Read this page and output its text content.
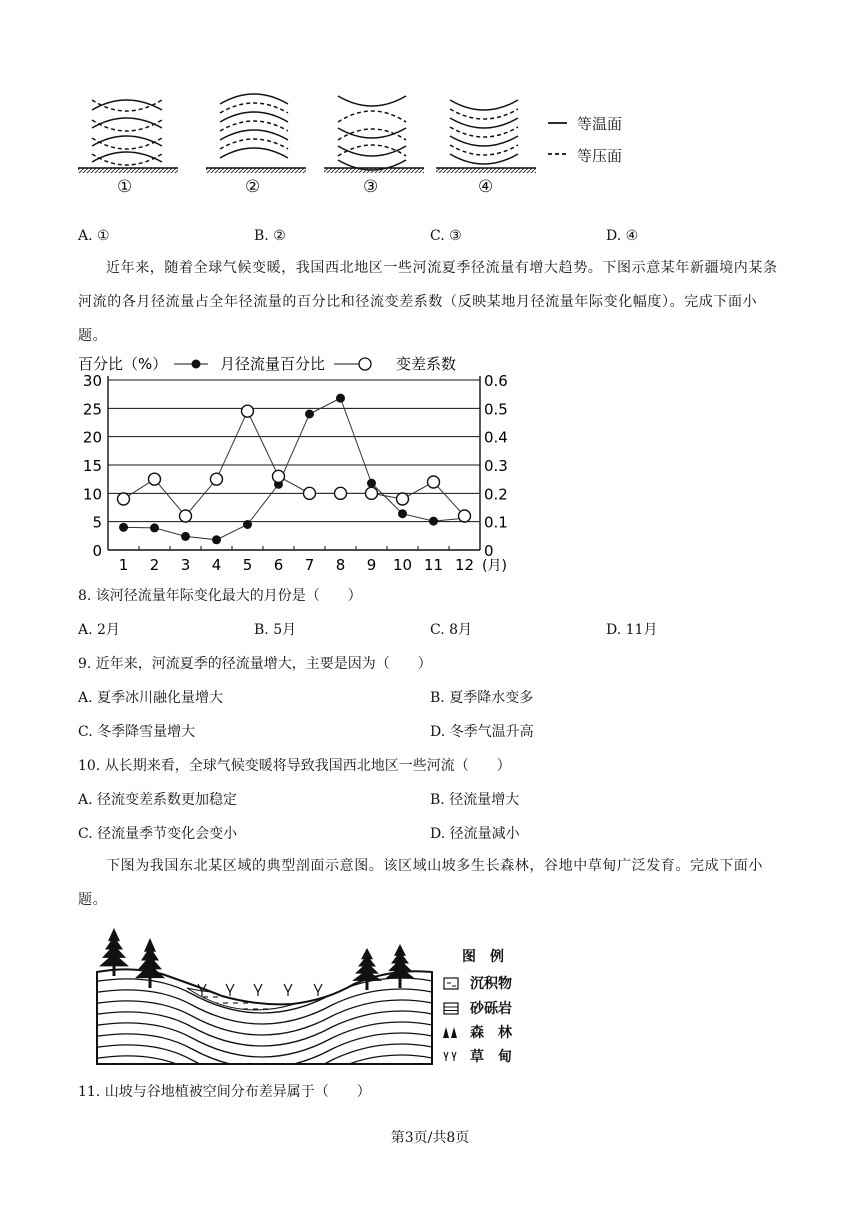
等温面
等压面
①	②	③	④
A. ①	B. ②	C. ③	D. ④
近年来，随着全球气候变暖，我国西北地区一些河流夏季径流量有增大趋势。下图示意某年新疆境内某条河流的各月径流量占全年径流量的百分比和径流变差系数（反映某地月径流量年际变化幅度）。完成下面小题。
百分比（%）	月径流量百分比	变差系数
0
5
10
15
20
25
30
0
0.1
0.2
0.3
0.4
0.5
0.6
1 2 3 4 5 6 7 8 9 10 11 12 (月)
8. 该河径流量年际变化最大的月份是（　　）
A. 2月	B. 5月	C. 8月	D. 11月
9. 近年来，河流夏季的径流量增大，主要是因为（　　）
A. 夏季冰川融化量增大	B. 夏季降水变多
C. 冬季降雪量增大	D. 冬季气温升高
10. 从长期来看，全球气候变暖将导致我国西北地区一些河流（　　）
A. 径流变差系数更加稳定	B. 径流量增大
C. 径流量季节变化会变小	D. 径流量减小
下图为我国东北某区域的典型剖面示意图。该区域山坡多生长森林，谷地中草甸广泛发育。完成下面小题。
图　例
沉积物
砂砾岩
森　林
草　甸
11. 山坡与谷地植被空间分布差异属于（　　）
第3页/共8页
